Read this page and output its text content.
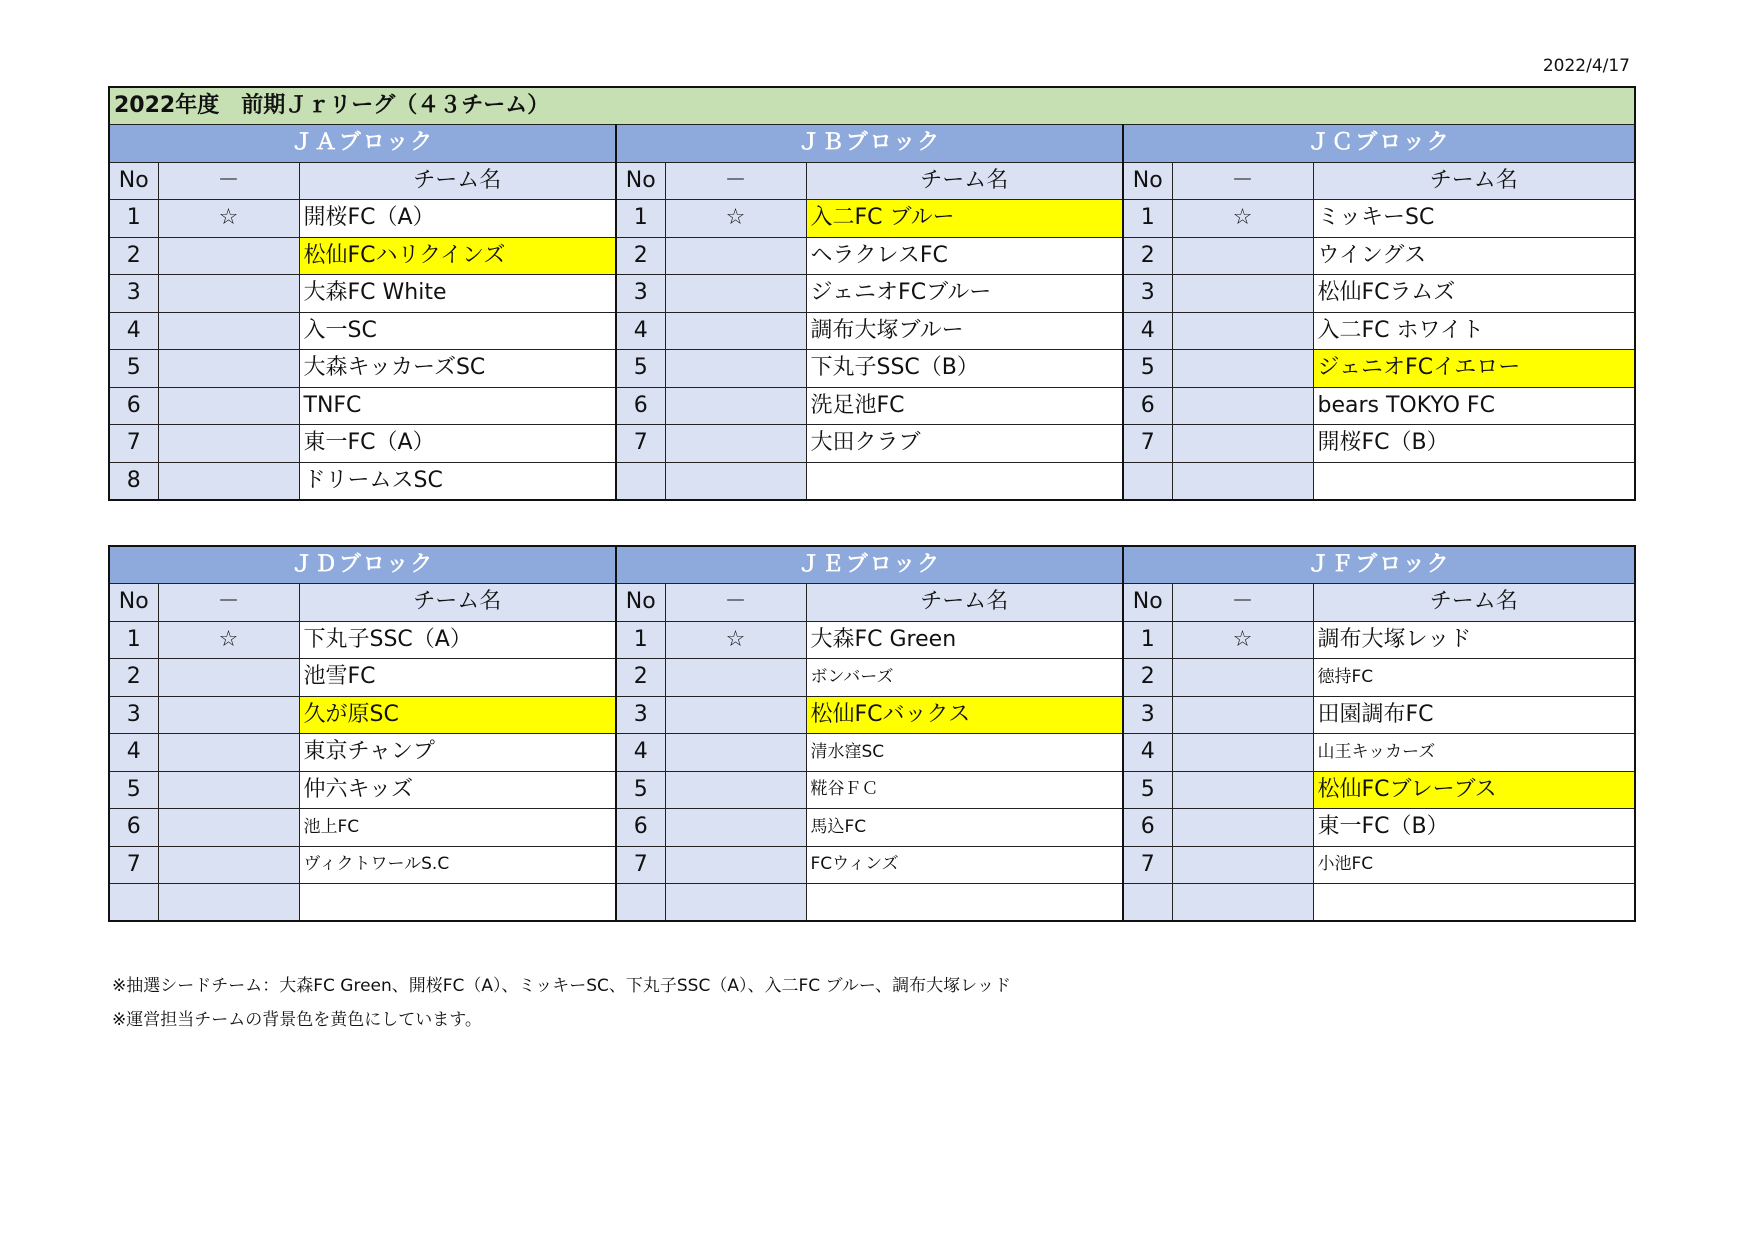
2022/4/17
2022年度　前期Ｊｒリーグ（４３チーム）								
ＪＡブロック			ＪＢブロック			ＪＣブロック		
No	－	チーム名	No	－	チーム名	No	－	チーム名
1	☆	開桜FC（A）	1	☆	入二FC ブルー	1	☆	ミッキーSC
2		松仙FCハリクインズ	2		ヘラクレスFC	2		ウイングス
3		大森FC White	3		ジェニオFCブルー	3		松仙FCラムズ
4		入一SC	4		調布大塚ブルー	4		入二FC ホワイト
5		大森キッカーズSC	5		下丸子SSC（B）	5		ジェニオFCイエロー
6		TNFC	6		洗足池FC	6		bears TOKYO FC
7		東一FC（A）	7		大田クラブ	7		開桜FC（B）
8		ドリームスSC						
ＪＤブロック			ＪＥブロック			ＪＦブロック		
No	－	チーム名	No	－	チーム名	No	－	チーム名
1	☆	下丸子SSC（A）	1	☆	大森FC Green	1	☆	調布大塚レッド
2		池雪FC	2		ボンバーズ	2		徳持FC
3		久が原SC	3		松仙FCバックス	3		田園調布FC
4		東京チャンプ	4		清水窪SC	4		山王キッカーズ
5		仲六キッズ	5		糀谷ＦＣ	5		松仙FCブレーブス
6		池上FC	6		馬込FC	6		東一FC（B）
7		ヴィクトワールS.C	7		FCウィンズ	7		小池FC

※抽選シードチーム：大森FC Green、開桜FC（A）、ミッキーSC、下丸子SSC（A）、入二FC ブルー、調布大塚レッド
※運営担当チームの背景色を黄色にしています。
